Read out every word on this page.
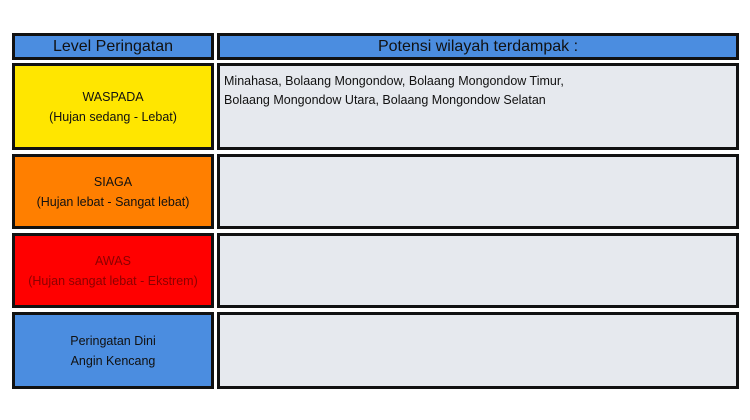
Level Peringatan	Potensi wilayah terdampak :
WASPADA
(Hujan sedang - Lebat)
Minahasa, Bolaang Mongondow, Bolaang Mongondow Timur,
Bolaang Mongondow Utara, Bolaang Mongondow Selatan
SIAGA
(Hujan lebat - Sangat lebat)
AWAS
(Hujan sangat lebat - Ekstrem)
Peringatan Dini
Angin Kencang
